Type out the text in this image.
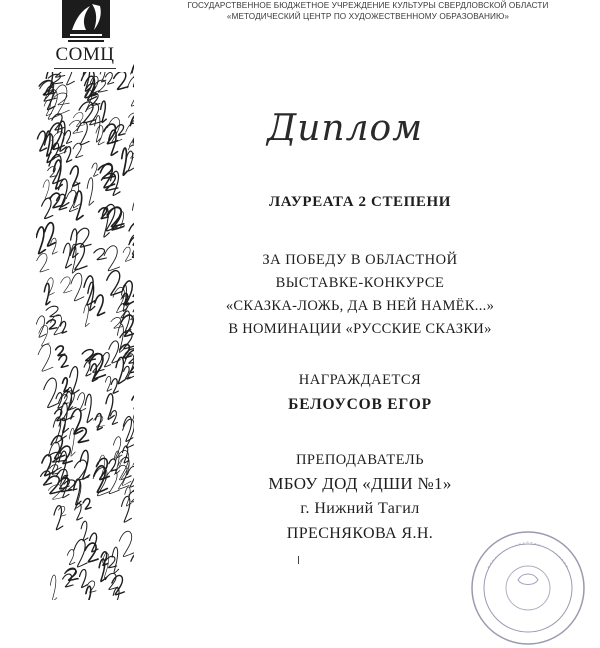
СОМЦ
ГОСУДАРСТВЕННОЕ БЮДЖЕТНОЕ УЧРЕЖДЕНИЕ КУЛЬТУРЫ СВЕРДЛОВСКОЙ ОБЛАСТИ
«МЕТОДИЧЕСКИЙ ЦЕНТР ПО ХУДОЖЕСТВЕННОМУ ОБРАЗОВАНИЮ»
Диплом
ЛАУРЕАТА 2 СТЕПЕНИ
ЗА ПОБЕДУ В ОБЛАСТНОЙ
ВЫСТАВКЕ-КОНКУРСЕ
«СКАЗКА-ЛОЖЬ, ДА В НЕЙ НАМЁК...»
В НОМИНАЦИИ «РУССКИЕ СКАЗКИ»
НАГРАЖДАЕТСЯ
БЕЛОУСОВ ЕГОР
ПРЕПОДАВАТЕЛЬ
МБОУ ДОД «ДШИ №1»
г. Нижний Тагил
ПРЕСНЯКОВА Я.Н.
